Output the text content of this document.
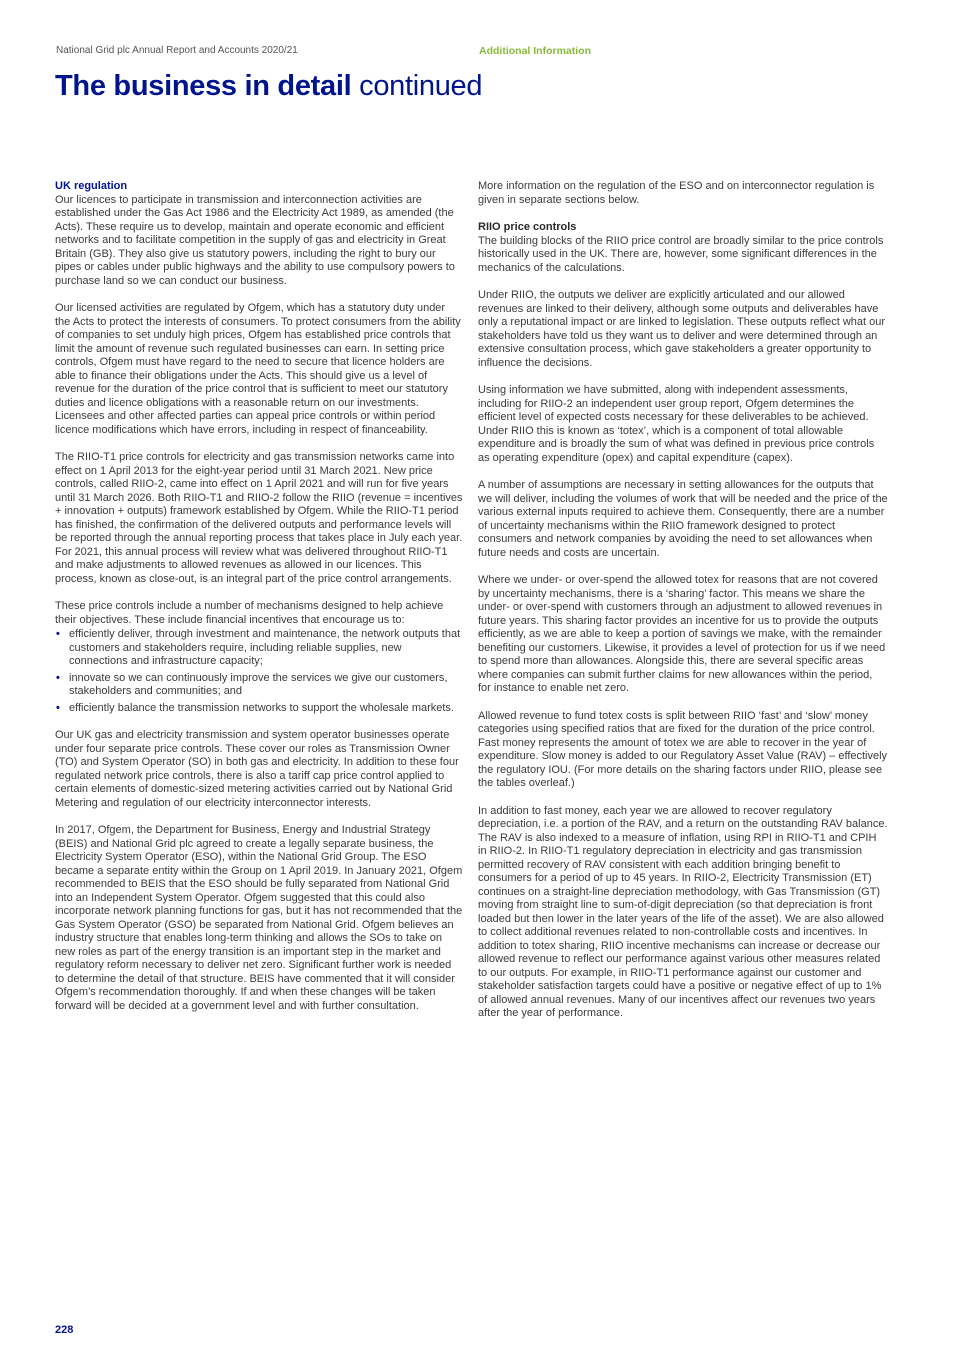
National Grid plc Annual Report and Accounts 2020/21	Additional Information
The business in detail continued
UK regulation

Our licences to participate in transmission and interconnection activities are established under the Gas Act 1986 and the Electricity Act 1989, as amended (the Acts). These require us to develop, maintain and operate economic and efficient networks and to facilitate competition in the supply of gas and electricity in Great Britain (GB). They also give us statutory powers, including the right to bury our pipes or cables under public highways and the ability to use compulsory powers to purchase land so we can conduct our business.

Our licensed activities are regulated by Ofgem, which has a statutory duty under the Acts to protect the interests of consumers. To protect consumers from the ability of companies to set unduly high prices, Ofgem has established price controls that limit the amount of revenue such regulated businesses can earn. In setting price controls, Ofgem must have regard to the need to secure that licence holders are able to finance their obligations under the Acts. This should give us a level of revenue for the duration of the price control that is sufficient to meet our statutory duties and licence obligations with a reasonable return on our investments. Licensees and other affected parties can appeal price controls or within period licence modifications which have errors, including in respect of financeability.

The RIIO-T1 price controls for electricity and gas transmission networks came into effect on 1 April 2013 for the eight-year period until 31 March 2021. New price controls, called RIIO-2, came into effect on 1 April 2021 and will run for five years until 31 March 2026. Both RIIO-T1 and RIIO-2 follow the RIIO (revenue = incentives + innovation + outputs) framework established by Ofgem. While the RIIO-T1 period has finished, the confirmation of the delivered outputs and performance levels will be reported through the annual reporting process that takes place in July each year. For 2021, this annual process will review what was delivered throughout RIIO-T1 and make adjustments to allowed revenues as allowed in our licences. This process, known as close-out, is an integral part of the price control arrangements.

These price controls include a number of mechanisms designed to help achieve their objectives. These include financial incentives that encourage us to:

• efficiently deliver, through investment and maintenance, the network outputs that customers and stakeholders require, including reliable supplies, new connections and infrastructure capacity;
• innovate so we can continuously improve the services we give our customers, stakeholders and communities; and
• efficiently balance the transmission networks to support the wholesale markets.

Our UK gas and electricity transmission and system operator businesses operate under four separate price controls. These cover our roles as Transmission Owner (TO) and System Operator (SO) in both gas and electricity. In addition to these four regulated network price controls, there is also a tariff cap price control applied to certain elements of domestic-sized metering activities carried out by National Grid Metering and regulation of our electricity interconnector interests.

In 2017, Ofgem, the Department for Business, Energy and Industrial Strategy (BEIS) and National Grid plc agreed to create a legally separate business, the Electricity System Operator (ESO), within the National Grid Group. The ESO became a separate entity within the Group on 1 April 2019. In January 2021, Ofgem recommended to BEIS that the ESO should be fully separated from National Grid into an Independent System Operator. Ofgem suggested that this could also incorporate network planning functions for gas, but it has not recommended that the Gas System Operator (GSO) be separated from National Grid. Ofgem believes an industry structure that enables long-term thinking and allows the SOs to take on new roles as part of the energy transition is an important step in the market and regulatory reform necessary to deliver net zero. Significant further work is needed to determine the detail of that structure. BEIS have commented that it will consider Ofgem’s recommendation thoroughly. If and when these changes will be taken forward will be decided at a government level and with further consultation.

More information on the regulation of the ESO and on interconnector regulation is given in separate sections below.

RIIO price controls

The building blocks of the RIIO price control are broadly similar to the price controls historically used in the UK. There are, however, some significant differences in the mechanics of the calculations.

Under RIIO, the outputs we deliver are explicitly articulated and our allowed revenues are linked to their delivery, although some outputs and deliverables have only a reputational impact or are linked to legislation. These outputs reflect what our stakeholders have told us they want us to deliver and were determined through an extensive consultation process, which gave stakeholders a greater opportunity to influence the decisions.

Using information we have submitted, along with independent assessments, including for RIIO-2 an independent user group report, Ofgem determines the efficient level of expected costs necessary for these deliverables to be achieved. Under RIIO this is known as ‘totex’, which is a component of total allowable expenditure and is broadly the sum of what was defined in previous price controls as operating expenditure (opex) and capital expenditure (capex).

A number of assumptions are necessary in setting allowances for the outputs that we will deliver, including the volumes of work that will be needed and the price of the various external inputs required to achieve them. Consequently, there are a number of uncertainty mechanisms within the RIIO framework designed to protect consumers and network companies by avoiding the need to set allowances when future needs and costs are uncertain.

Where we under- or over-spend the allowed totex for reasons that are not covered by uncertainty mechanisms, there is a ‘sharing’ factor. This means we share the under- or over-spend with customers through an adjustment to allowed revenues in future years. This sharing factor provides an incentive for us to provide the outputs efficiently, as we are able to keep a portion of savings we make, with the remainder benefiting our customers. Likewise, it provides a level of protection for us if we need to spend more than allowances. Alongside this, there are several specific areas where companies can submit further claims for new allowances within the period, for instance to enable net zero.

Allowed revenue to fund totex costs is split between RIIO ‘fast’ and ‘slow’ money categories using specified ratios that are fixed for the duration of the price control. Fast money represents the amount of totex we are able to recover in the year of expenditure. Slow money is added to our Regulatory Asset Value (RAV) – effectively the regulatory IOU. (For more details on the sharing factors under RIIO, please see the tables overleaf.)

In addition to fast money, each year we are allowed to recover regulatory depreciation, i.e. a portion of the RAV, and a return on the outstanding RAV balance. The RAV is also indexed to a measure of inflation, using RPI in RIIO-T1 and CPIH in RIIO-2. In RIIO-T1 regulatory depreciation in electricity and gas transmission permitted recovery of RAV consistent with each addition bringing benefit to consumers for a period of up to 45 years. In RIIO-2, Electricity Transmission (ET) continues on a straight-line depreciation methodology, with Gas Transmission (GT) moving from straight line to sum-of-digit depreciation (so that depreciation is front loaded but then lower in the later years of the life of the asset). We are also allowed to collect additional revenues related to non-controllable costs and incentives. In addition to totex sharing, RIIO incentive mechanisms can increase or decrease our allowed revenue to reflect our performance against various other measures related to our outputs. For example, in RIIO-T1 performance against our customer and stakeholder satisfaction targets could have a positive or negative effect of up to 1% of allowed annual revenues. Many of our incentives affect our revenues two years after the year of performance.

228
